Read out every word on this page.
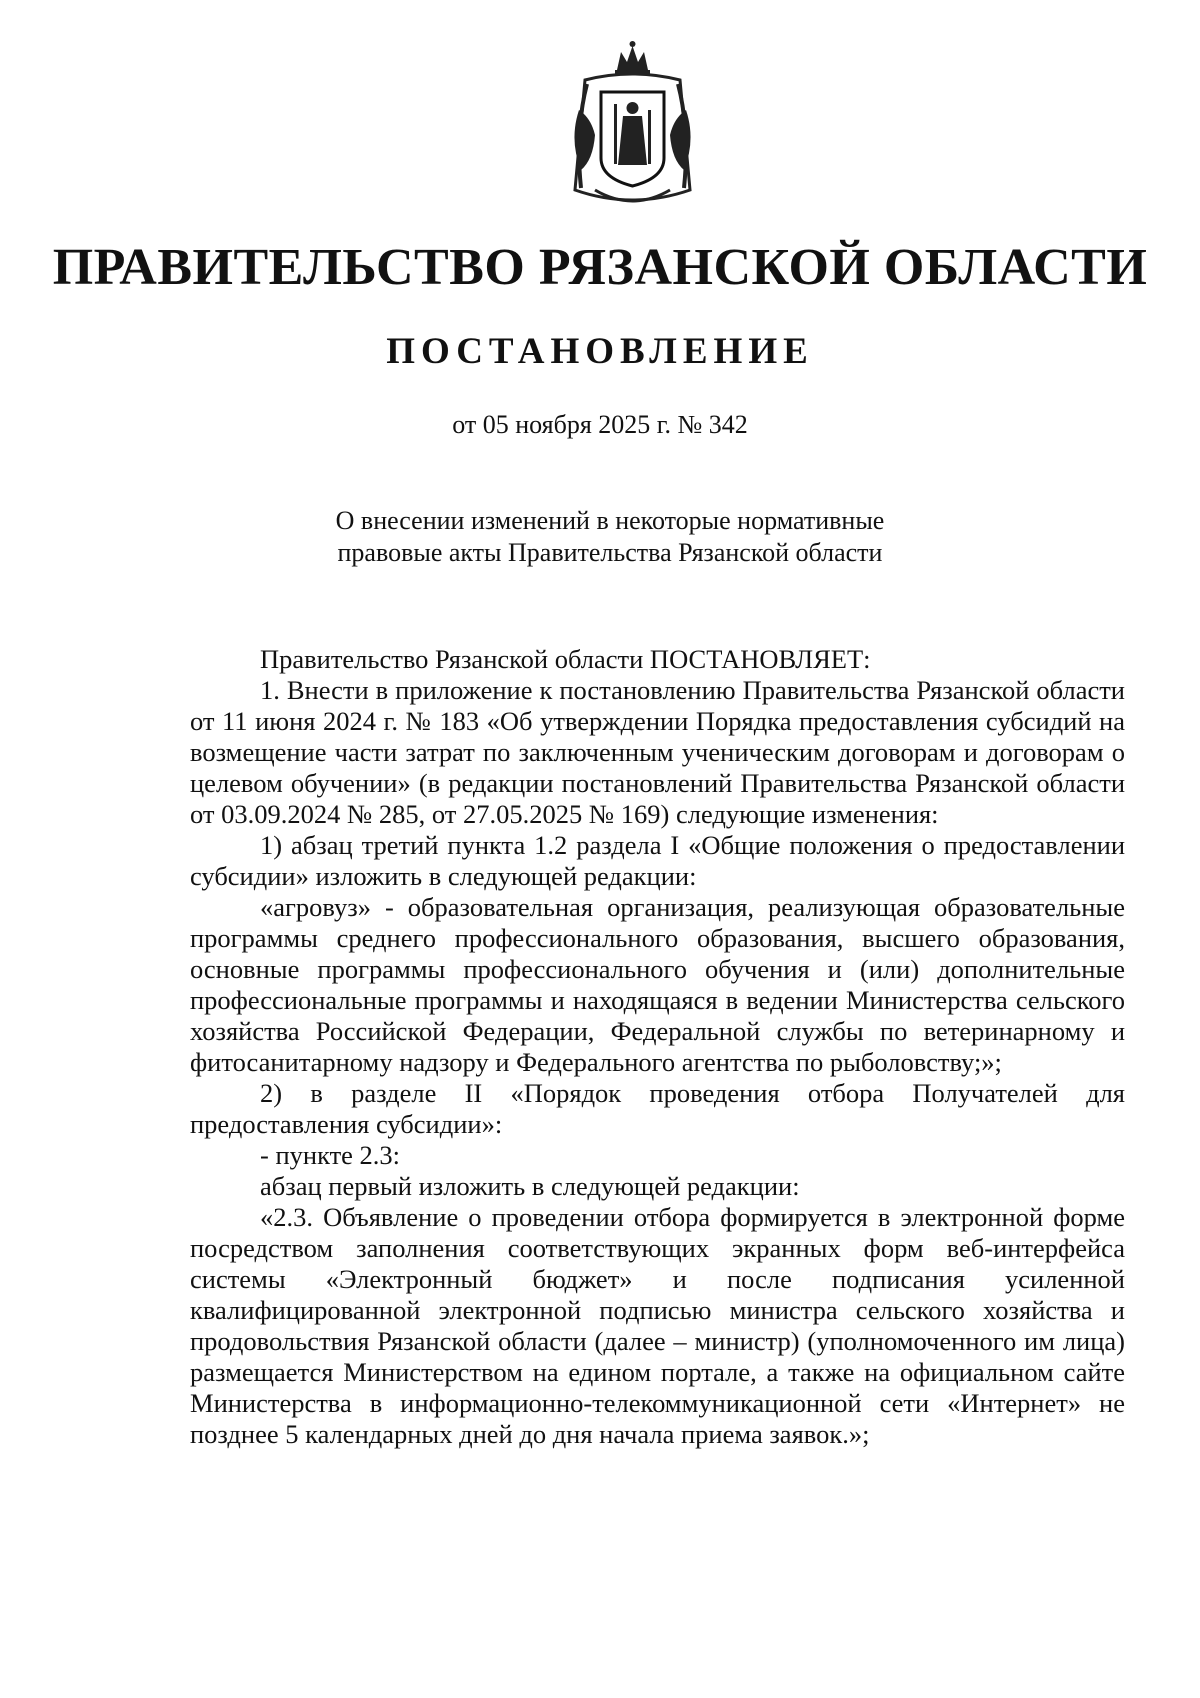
ПРАВИТЕЛЬСТВО РЯЗАНСКОЙ ОБЛАСТИ
ПОСТАНОВЛЕНИЕ
от 05 ноября 2025 г. № 342
О внесении изменений в некоторые нормативные
правовые акты Правительства Рязанской области

Правительство Рязанской области ПОСТАНОВЛЯЕТ:

1. Внести в приложение к постановлению Правительства Рязанской области от 11 июня 2024 г. № 183 «Об утверждении Порядка предоставления субсидий на возмещение части затрат по заключенным ученическим договорам и договорам о целевом обучении» (в редакции постановлений Правительства Рязанской области от 03.09.2024 № 285, от 27.05.2025 № 169) следующие изменения:

1) абзац третий пункта 1.2 раздела I «Общие положения о предоставлении субсидии» изложить в следующей редакции:

«агровуз» - образовательная организация, реализующая образовательные программы среднего профессионального образования, высшего образования, основные программы профессионального обучения и (или) дополнительные профессиональные программы и находящаяся в ведении Министерства сельского хозяйства Российской Федерации, Федеральной службы по ветеринарному и фитосанитарному надзору и Федерального агентства по рыболовству;»;

2) в разделе II «Порядок проведения отбора Получателей для предоставления субсидии»:

- пункте 2.3:

абзац первый изложить в следующей редакции:

«2.3. Объявление о проведении отбора формируется в электронной форме посредством заполнения соответствующих экранных форм веб-интерфейса системы «Электронный бюджет» и после подписания усиленной квалифицированной электронной подписью министра сельского хозяйства и продовольствия Рязанской области (далее – министр) (уполномоченного им лица) размещается Министерством на едином портале, а также на официальном сайте Министерства в информационно-телекоммуникационной сети «Интернет» не позднее 5 календарных дней до дня начала приема заявок.»;
